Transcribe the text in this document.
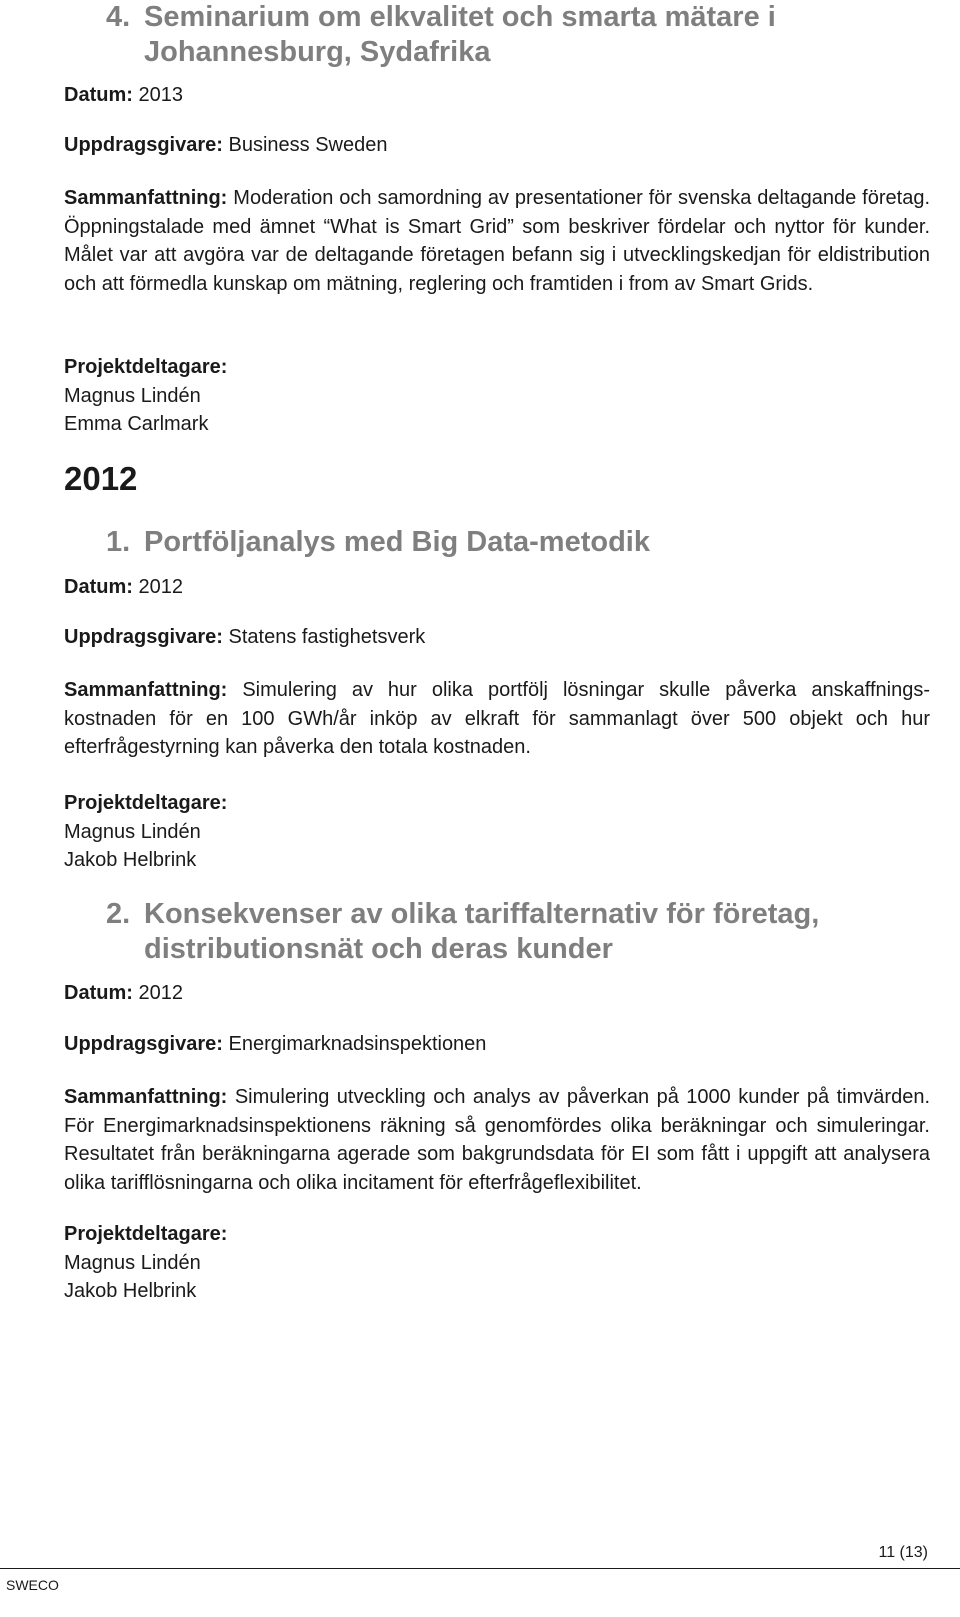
4. Seminarium om elkvalitet och smarta mätare i
Johannesburg, Sydafrika
Datum: 2013
Uppdragsgivare: Business Sweden
Sammanfattning: Moderation och samordning av presentationer för svenska deltagande företag. Öppningstalade med ämnet “What is Smart Grid” som beskriver fördelar och nyttor för kunder. Målet var att avgöra var de deltagande företagen befann sig i utvecklingskedjan för eldistribution och att förmedla kunskap om mätning, reglering och framtiden i from av Smart Grids.
Projektdeltagare:
Magnus Lindén
Emma Carlmark
2012
1. Portföljanalys med Big Data-metodik
Datum: 2012
Uppdragsgivare: Statens fastighetsverk
Sammanfattning: Simulering av hur olika portfölj lösningar skulle påverka anskaffnings-kostnaden för en 100 GWh/år inköp av elkraft för sammanlagt över 500 objekt och hur efterfrågestyrning kan påverka den totala kostnaden.
Projektdeltagare:
Magnus Lindén
Jakob Helbrink
2. Konsekvenser av olika tariffalternativ för företag,
distributionsnät och deras kunder
Datum: 2012
Uppdragsgivare: Energimarknadsinspektionen
Sammanfattning: Simulering utveckling och analys av påverkan på 1000 kunder på timvärden. För Energimarknadsinspektionens räkning så genomfördes olika beräkningar och simuleringar. Resultatet från beräkningarna agerade som bakgrundsdata för EI som fått i uppgift att analysera olika tarifflösningarna och olika incitament för efterfrågeflexibilitet.
Projektdeltagare:
Magnus Lindén
Jakob Helbrink
11 (13)
SWECO
